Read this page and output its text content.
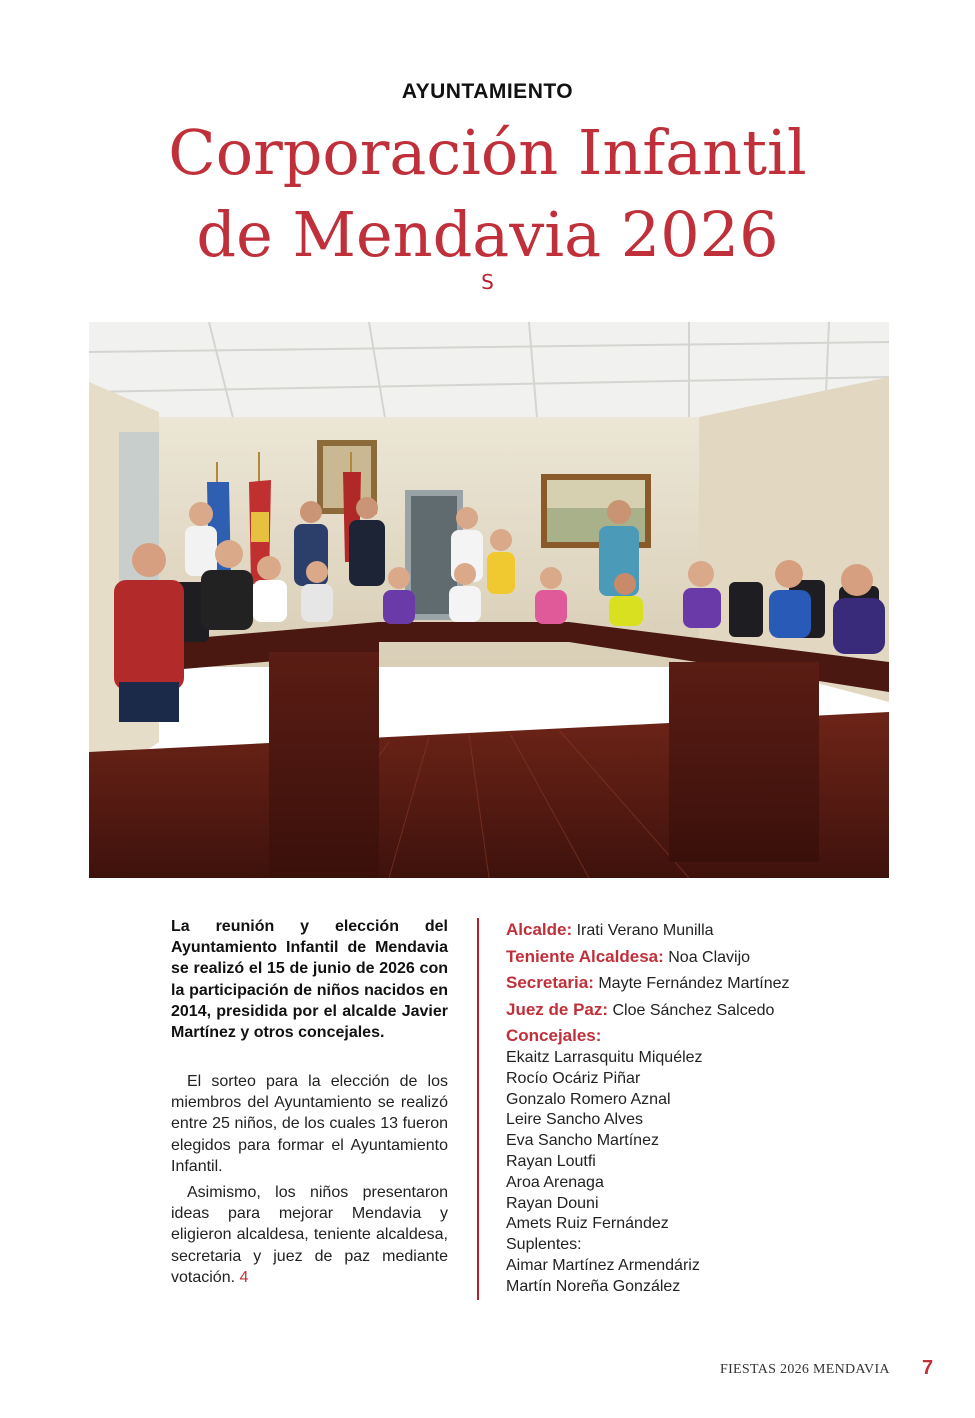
AYUNTAMIENTO
Corporación Infantil
de Mendavia 2026
S

La reunión y elección del Ayuntamiento Infantil de Mendavia se realizó el 15 de junio de 2026 con la participación de niños nacidos en 2014, presidida por el alcalde Javier Martínez y otros concejales.

El sorteo para la elección de los miembros del Ayuntamiento se realizó entre 25 niños, de los cuales 13 fueron elegidos para formar el Ayuntamiento Infantil.

Asimismo, los niños presentaron ideas para mejorar Mendavia y eligieron alcaldesa, teniente alcaldesa, secretaria y juez de paz mediante votación. 4

Alcalde: Irati Verano Munilla
Teniente Alcaldesa: Noa Clavijo
Secretaria: Mayte Fernández Martínez
Juez de Paz: Cloe Sánchez Salcedo
Concejales:
Ekaitz Larrasquitu Miquélez
Rocío Ocáriz Piñar
Gonzalo Romero Aznal
Leire Sancho Alves
Eva Sancho Martínez
Rayan Loutfi
Aroa Arenaga
Rayan Douni
Amets Ruiz Fernández
Suplentes:
Aimar Martínez Armendáriz
Martín Noreña González
FIESTAS 2026 MENDAVIA 7
